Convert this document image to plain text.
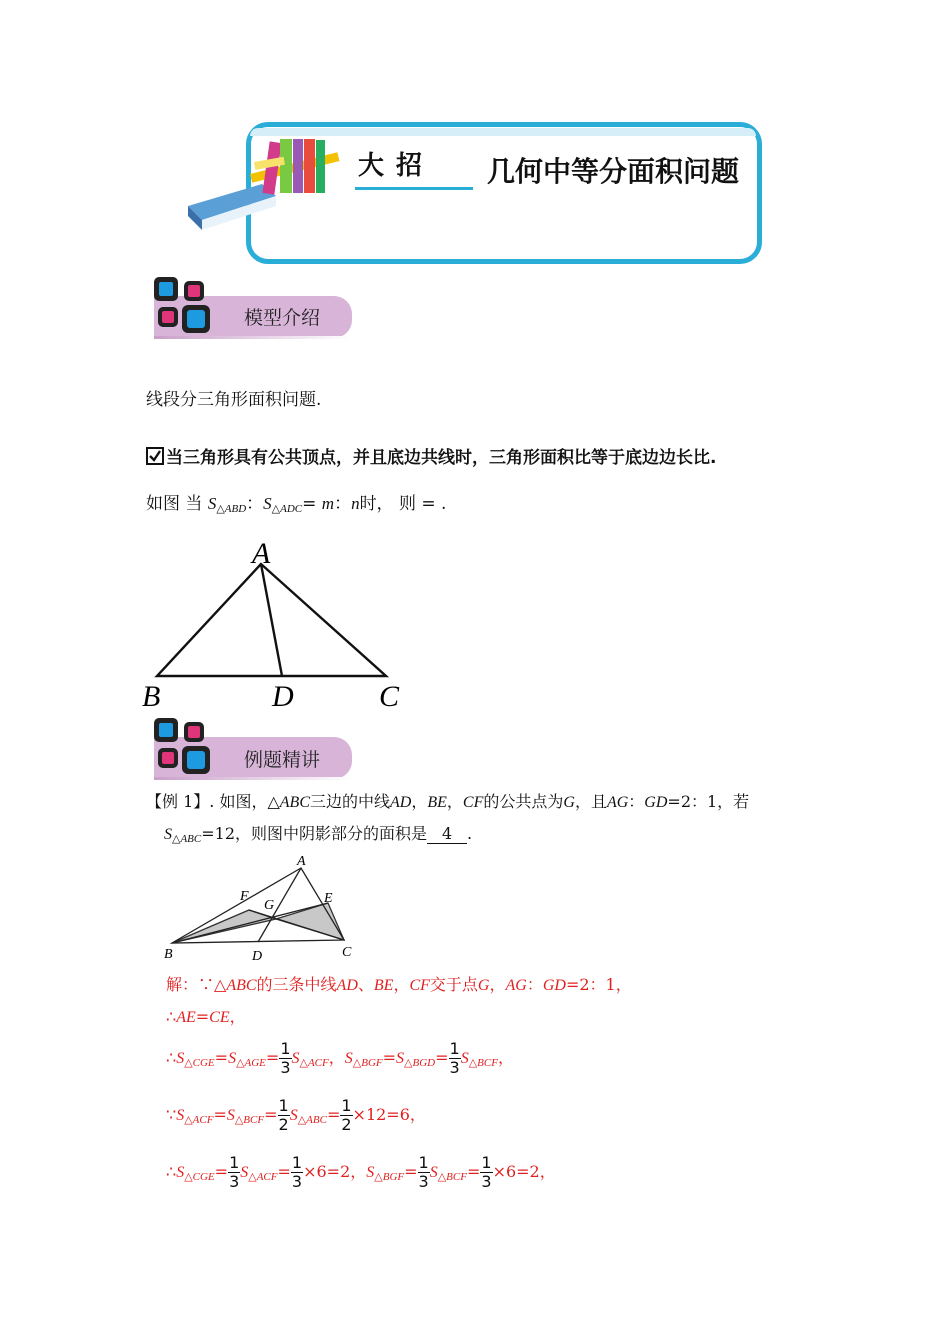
大招 几何中等分面积问题
模型介绍
线段分三角形面积问题.
当三角形具有公共顶点，并且底边共线时，三角形面积比等于底边边长比.
如图 当 $S_{\triangle ABD}$：$S_{\triangle ADC}= m$：n时， 则 = .
A
B	D	C
例题精讲
【例 1】. 如图，△ABC三边的中线AD，BE，CF的公共点为G，且AG：GD=2：1，若
$S_{\triangle ABC}=12$，则图中阴影部分的面积是 4 .
A
B	C
D
E
F
G
解：∵△ABC的三条中线AD、BE，CF交于点G，AG：GD=2：1，
∴AE=CE，
$\therefore S_{\triangle CGE}=S_{\triangle AGE}= \frac{1}{3} S_{\triangle ACF}$，$S_{\triangle BGF}=S_{\triangle BGD}= \frac{1}{3} S_{\triangle BCF}$，
$\because S_{\triangle ACF}=S_{\triangle BCF}= \frac{1}{2} S_{\triangle ABC}= \frac{1}{2} \times 12=6$，
$\therefore S_{\triangle CGE}= \frac{1}{3} S_{\triangle ACF}= \frac{1}{3} \times 6=2$，$S_{\triangle BGF}= \frac{1}{3} S_{\triangle BCF}= \frac{1}{3} \times 6=2$，
